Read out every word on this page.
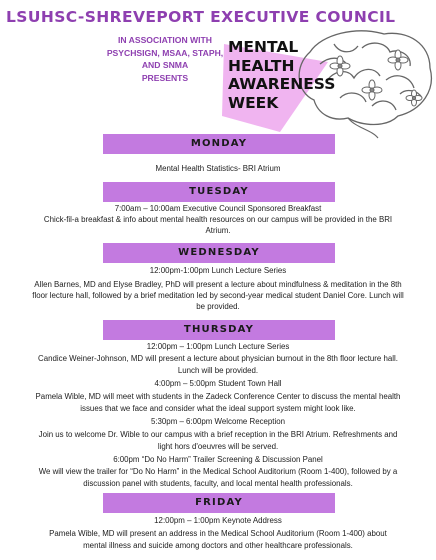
LSUHSC-SHREVEPORT EXECUTIVE COUNCIL
IN ASSOCIATION WITH
PSYCHSIGN, MSAA, STAPH, AND SNMA
PRESENTS
MENTAL
HEALTH
AWARENESS
WEEK
MONDAY
Mental Health Statistics- BRI Atrium
TUESDAY
7:00am – 10:00am Executive Council Sponsored Breakfast
Chick-fil-a breakfast & info about mental health resources on our campus will be provided in the BRI
Atrium.
WEDNESDAY
12:00pm-1:00pm Lunch Lecture Series
Allen Barnes, MD and Elyse Bradley, PhD will present a lecture about mindfulness & meditation in the 8th
floor lecture hall, followed by a brief meditation led by second-year medical student Daniel Core. Lunch will
be provided.
THURSDAY
12:00pm – 1:00pm Lunch Lecture Series
Candice Weiner-Johnson, MD will present a lecture about physician burnout in the 8th floor lecture hall.
Lunch will be provided.
4:00pm – 5:00pm Student Town Hall
Pamela Wible, MD will meet with students in the Zadeck Conference Center to discuss the mental health
issues that we face and consider what the ideal support system might look like.
5:30pm – 6:00pm Welcome Reception
Join us to welcome Dr. Wible to our campus with a brief reception in the BRI Atrium. Refreshments and
light hors d'oeuvres will be served.
6:00pm “Do No Harm” Trailer Screening & Discussion Panel
We will view the trailer for “Do No Harm” in the Medical School Auditorium (Room 1-400), followed by a
discussion panel with students, faculty, and local mental health professionals.
FRIDAY
12:00pm – 1:00pm Keynote Address
Pamela Wible, MD will present an address in the Medical School Auditorium (Room 1-400) about
mental illness and suicide among doctors and other healthcare professionals.
